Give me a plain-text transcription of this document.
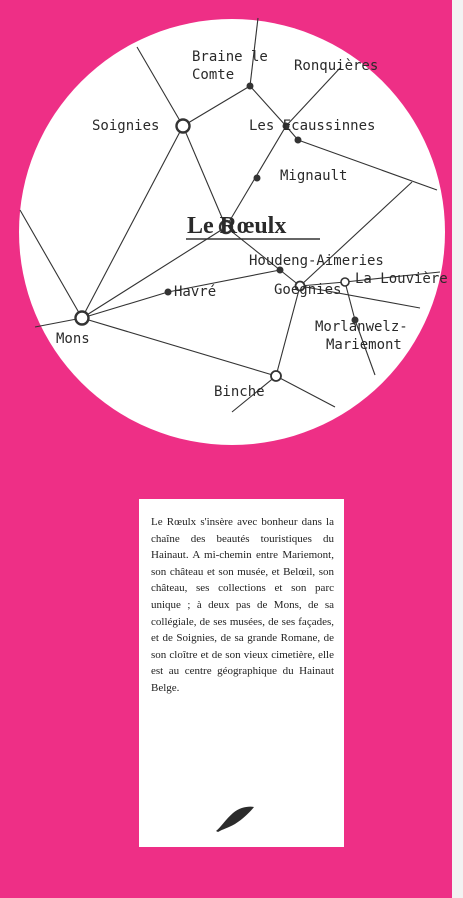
Braine le
Comte
Ronquières
Soignies	Les Ecaussinnes
Mignault
Le Rœulx
Houdeng-Aimeries
Goegnies
La Louvière
Havré
Mons
Morlanwelz-
Mariemont
Binche

Le Rœulx s'insère avec bonheur dans la chaîne des beautés touristiques du Hainaut. A mi-chemin entre Mariemont, son château et son musée, et Belœil, son château, ses collections et son parc unique ; à deux pas de Mons, de sa collégiale, de ses musées, de ses façades, et de Soignies, de sa grande Romane, de son cloître et de son vieux cimetière, elle est au centre géographique du Hainaut Belge.
